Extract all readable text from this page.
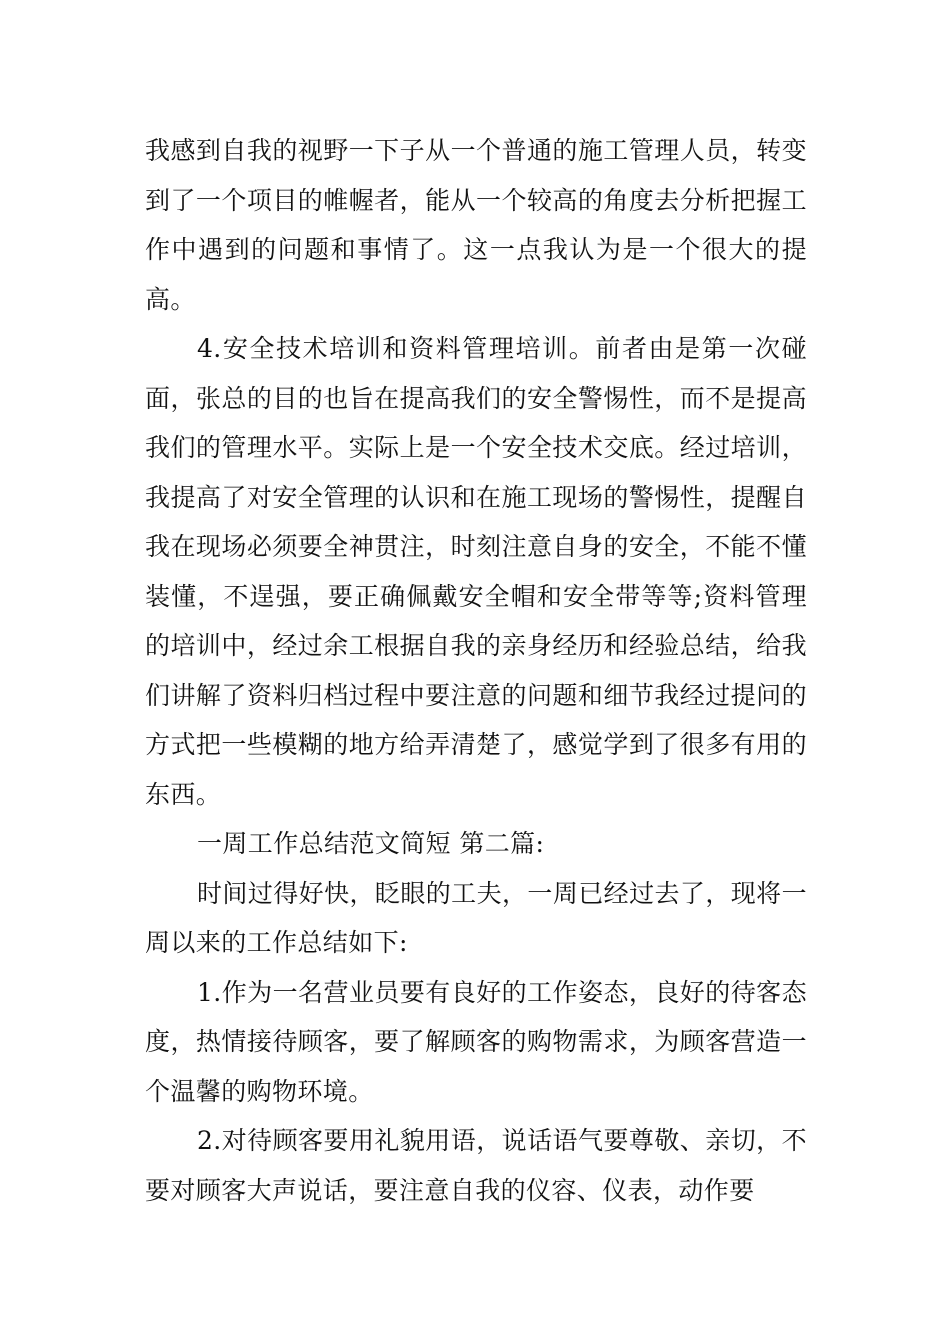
我感到自我的视野一下子从一个普通的施工管理人员，转变到了一个项目的帷幄者，能从一个较高的角度去分析把握工作中遇到的问题和事情了。这一点我认为是一个很大的提高。

4.安全技术培训和资料管理培训。前者由是第一次碰面，张总的目的也旨在提高我们的安全警惕性，而不是提高我们的管理水平。实际上是一个安全技术交底。经过培训，我提高了对安全管理的认识和在施工现场的警惕性，提醒自我在现场必须要全神贯注，时刻注意自身的安全，不能不懂装懂，不逞强，要正确佩戴安全帽和安全带等等;资料管理的培训中，经过余工根据自我的亲身经历和经验总结，给我们讲解了资料归档过程中要注意的问题和细节我经过提问的方式把一些模糊的地方给弄清楚了，感觉学到了很多有用的东西。

一周工作总结范文简短 第二篇:

时间过得好快，眨眼的工夫，一周已经过去了，现将一周以来的工作总结如下:

1.作为一名营业员要有良好的工作姿态，良好的待客态度，热情接待顾客，要了解顾客的购物需求，为顾客营造一个温馨的购物环境。

2.对待顾客要用礼貌用语，说话语气要尊敬、亲切，不要对顾客大声说话，要注意自我的仪容、仪表，动作要
